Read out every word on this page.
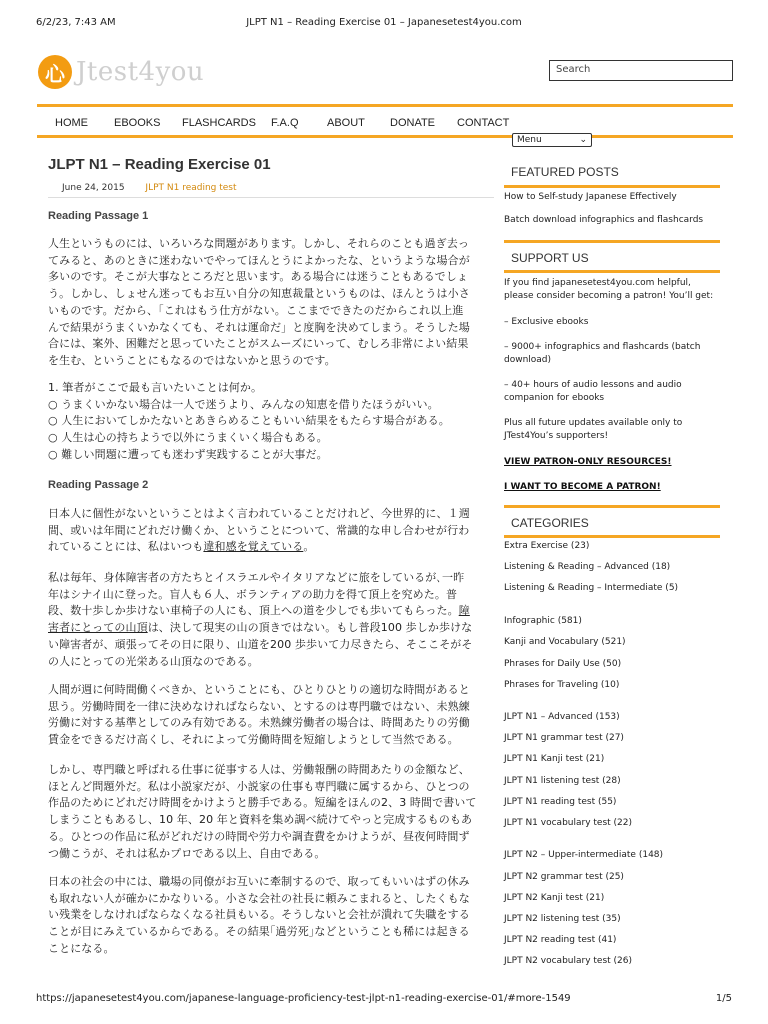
6/2/23, 7:43 AM	JLPT N1 – Reading Exercise 01 – Japanesetest4you.com
心 Jtest4you	Search
HOME EBOOKS FLASHCARDS F.A.Q	ABOUT DONATE CONTACT
Menu	⌄
JLPT N1 – Reading Exercise 01
June 24, 2015 JLPT N1 reading test
Reading Passage 1
人生というものには、いろいろな問題があります。しかし、それらのことも過ぎ去っ
てみると、あのときに迷わないでやってほんとうによかったな、というような場合が
多いのです。そこが大事なところだと思います。ある場合には迷うこともあるでしょ
う。しかし、しょせん迷ってもお互い自分の知恵裁量というものは、ほんとうは小さ
いものです。だから、「これはもう仕方がない。ここまでできたのだからこれ以上進
んで結果がうまくいかなくても、それは運命だ」と度胸を決めてしまう。そうした場
合には、案外、困難だと思っていたことがスムーズにいって、むしろ非常によい結果
を生む、ということにもなるのではないかと思うのです。
1. 筆者がここで最も言いたいことは何か。
○ うまくいかない場合は一人で迷うより、みんなの知恵を借りたほうがいい。
○ 人生においてしかたないとあきらめることもいい結果をもたらす場合がある。
○ 人生は心の持ちようで以外にうまくいく場合もある。
○ 難しい問題に遭っても迷わず実践することが大事だ。
Reading Passage 2
日本人に個性がないということはよく言われていることだけれど、今世界的に、１週
間、或いは年間にどれだけ働くか、ということについて、常識的な申し合わせが行わ
れていることには、私はいつも違和感を覚えている。
私は毎年、身体障害者の方たちとイスラエルやイタリアなどに旅をしているが､一昨
年はシナイ山に登った。盲人も６人、ボランティアの助力を得て頂上を究めた。普
段、数十歩しか歩けない車椅子の人にも、頂上への道を少しでも歩いてもらった。障
害者にとっての山頂は、決して現実の山の頂きではない。もし普段100 歩しか歩けな
い障害者が、頑張ってその日に限り、山道を200 歩歩いて力尽きたら、そここそがそ
の人にとっての光栄ある山頂なのである。
人間が週に何時間働くべきか、ということにも、ひとりひとりの適切な時間があると
思う。労働時間を一律に決めなければならない、とするのは専門職ではない、未熟練
労働に対する基準としてのみ有効である。未熟練労働者の場合は、時間あたりの労働
賃金をできるだけ高くし、それによって労働時間を短縮しようとして当然である。
しかし、専門職と呼ばれる仕事に従事する人は、労働報酬の時間あたりの金額など、
ほとんど問題外だ。私は小説家だが、小説家の仕事も専門職に属するから、ひとつの
作品のためにどれだけ時間をかけようと勝手である。短編をほんの2、3 時間で書いて
しまうこともあるし、10 年、20 年と資料を集め調べ続けてやっと完成するものもあ
る。ひとつの作品に私がどれだけの時間や労力や調査費をかけようが、昼夜何時間ず
つ働こうが、それは私かプロである以上、自由である。
日本の社会の中には、職場の同僚がお互いに牽制するので、取ってもいいはずの休み
も取れない人が確かにかなりいる。小さな会社の社長に頼みこまれると、したくもな
い残業をしなければならなくなる社員もいる。そうしないと会社が潰れて失職をする
ことが目にみえているからである。その結果｢過労死｣などということも稀には起きる
ことになる。
FEATURED POSTS
How to Self-study Japanese Effectively
Batch download infographics and flashcards
SUPPORT US
If you find japanesetest4you.com helpful, please consider becoming a patron! You’ll get:
– Exclusive ebooks
– 9000+ infographics and flashcards (batch download)
– 40+ hours of audio lessons and audio companion for ebooks
Plus all future updates available only to JTest4You’s supporters!
VIEW PATRON-ONLY RESOURCES!
I WANT TO BECOME A PATRON!
CATEGORIES
Extra Exercise (23)
Listening & Reading – Advanced (18)
Listening & Reading – Intermediate (5)
Infographic (581)
Kanji and Vocabulary (521)
Phrases for Daily Use (50)
Phrases for Traveling (10)
JLPT N1 – Advanced (153)
JLPT N1 grammar test (27)
JLPT N1 Kanji test (21)
JLPT N1 listening test (28)
JLPT N1 reading test (55)
JLPT N1 vocabulary test (22)
JLPT N2 – Upper-intermediate (148)
JLPT N2 grammar test (25)
JLPT N2 Kanji test (21)
JLPT N2 listening test (35)
JLPT N2 reading test (41)
JLPT N2 vocabulary test (26)
https://japanesetest4you.com/japanese-language-proficiency-test-jlpt-n1-reading-exercise-01/#more-1549	1/5
